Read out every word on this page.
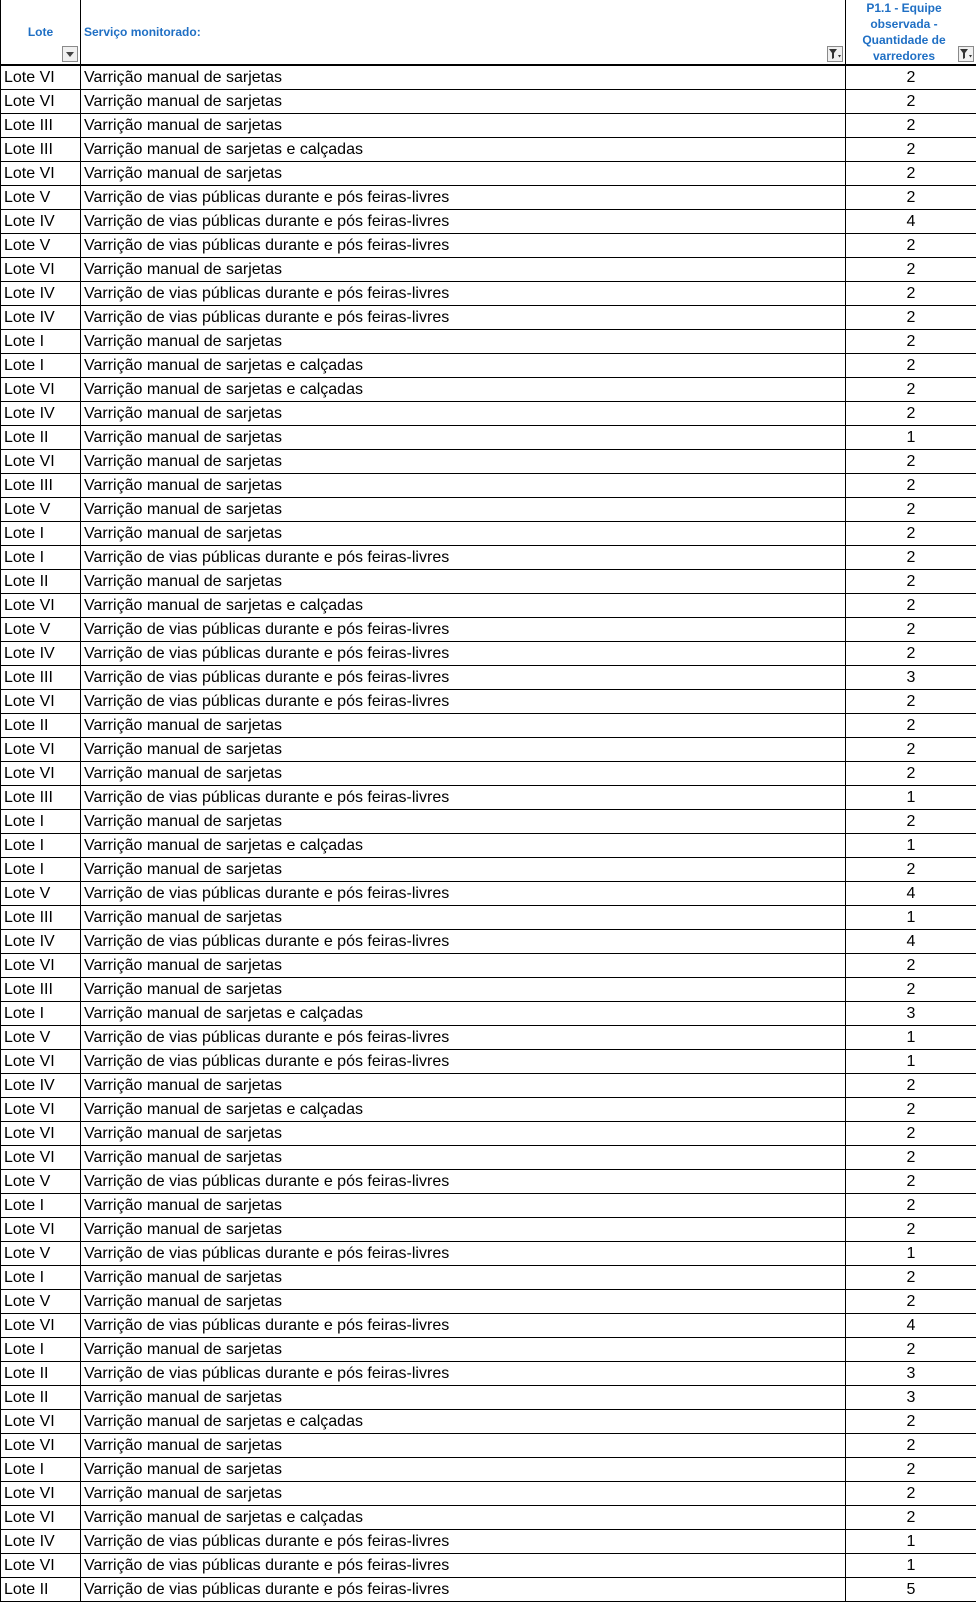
Lote	Serviço monitorado:	P1.1 - Equipe observada - Quantidade de varredores

Lote VI	Varrição manual de sarjetas	2
Lote VI	Varrição manual de sarjetas	2
Lote III	Varrição manual de sarjetas	2
Lote III	Varrição manual de sarjetas e calçadas	2
Lote VI	Varrição manual de sarjetas	2
Lote V	Varrição de vias públicas durante e pós feiras-livres	2
Lote IV	Varrição de vias públicas durante e pós feiras-livres	4
Lote V	Varrição de vias públicas durante e pós feiras-livres	2
Lote VI	Varrição manual de sarjetas	2
Lote IV	Varrição de vias públicas durante e pós feiras-livres	2
Lote IV	Varrição de vias públicas durante e pós feiras-livres	2
Lote I	Varrição manual de sarjetas	2
Lote I	Varrição manual de sarjetas e calçadas	2
Lote VI	Varrição manual de sarjetas e calçadas	2
Lote IV	Varrição manual de sarjetas	2
Lote II	Varrição manual de sarjetas	1
Lote VI	Varrição manual de sarjetas	2
Lote III	Varrição manual de sarjetas	2
Lote V	Varrição manual de sarjetas	2
Lote I	Varrição manual de sarjetas	2
Lote I	Varrição de vias públicas durante e pós feiras-livres	2
Lote II	Varrição manual de sarjetas	2
Lote VI	Varrição manual de sarjetas e calçadas	2
Lote V	Varrição de vias públicas durante e pós feiras-livres	2
Lote IV	Varrição de vias públicas durante e pós feiras-livres	2
Lote III	Varrição de vias públicas durante e pós feiras-livres	3
Lote VI	Varrição de vias públicas durante e pós feiras-livres	2
Lote II	Varrição manual de sarjetas	2
Lote VI	Varrição manual de sarjetas	2
Lote VI	Varrição manual de sarjetas	2
Lote III	Varrição de vias públicas durante e pós feiras-livres	1
Lote I	Varrição manual de sarjetas	2
Lote I	Varrição manual de sarjetas e calçadas	1
Lote I	Varrição manual de sarjetas	2
Lote V	Varrição de vias públicas durante e pós feiras-livres	4
Lote III	Varrição manual de sarjetas	1
Lote IV	Varrição de vias públicas durante e pós feiras-livres	4
Lote VI	Varrição manual de sarjetas	2
Lote III	Varrição manual de sarjetas	2
Lote I	Varrição manual de sarjetas e calçadas	3
Lote V	Varrição de vias públicas durante e pós feiras-livres	1
Lote VI	Varrição de vias públicas durante e pós feiras-livres	1
Lote IV	Varrição manual de sarjetas	2
Lote VI	Varrição manual de sarjetas e calçadas	2
Lote VI	Varrição manual de sarjetas	2
Lote VI	Varrição manual de sarjetas	2
Lote V	Varrição de vias públicas durante e pós feiras-livres	2
Lote I	Varrição manual de sarjetas	2
Lote VI	Varrição manual de sarjetas	2
Lote V	Varrição de vias públicas durante e pós feiras-livres	1
Lote I	Varrição manual de sarjetas	2
Lote V	Varrição manual de sarjetas	2
Lote VI	Varrição de vias públicas durante e pós feiras-livres	4
Lote I	Varrição manual de sarjetas	2
Lote II	Varrição de vias públicas durante e pós feiras-livres	3
Lote II	Varrição manual de sarjetas	3
Lote VI	Varrição manual de sarjetas e calçadas	2
Lote VI	Varrição manual de sarjetas	2
Lote I	Varrição manual de sarjetas	2
Lote VI	Varrição manual de sarjetas	2
Lote VI	Varrição manual de sarjetas e calçadas	2
Lote IV	Varrição de vias públicas durante e pós feiras-livres	1
Lote VI	Varrição de vias públicas durante e pós feiras-livres	1
Lote II	Varrição de vias públicas durante e pós feiras-livres	5
